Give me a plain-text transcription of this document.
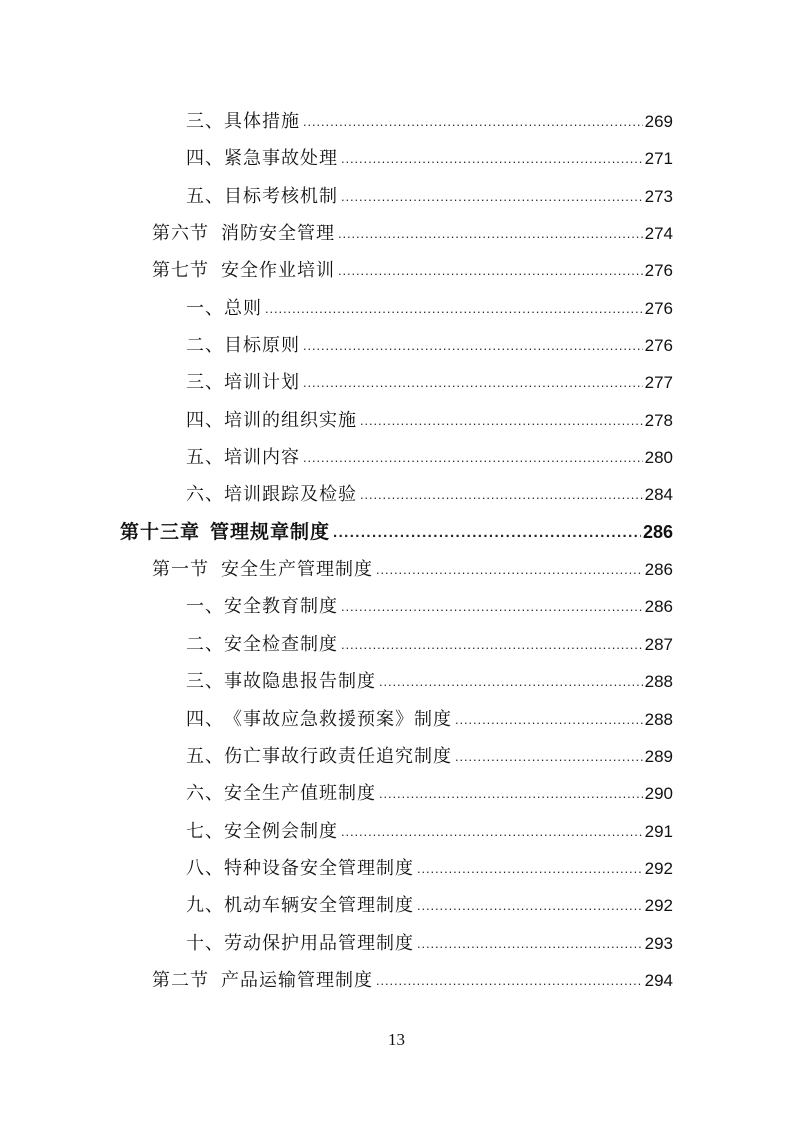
三、 具体措施 .....	269
四、 紧急事故处理 .....	271
五、 目标考核机制 .....	273
第六节 消防安全管理 .....	274
第七节 安全作业培训 .....	276
一、 总则 .....	276
二、 目标原则 .....	276
三、 培训计划 .....	277
四、 培训的组织实施 .....	278
五、 培训内容 .....	280
六、 培训跟踪及检验 .....	284
第十三章 管理规章制度 .....	286
第一节 安全生产管理制度 .....	286
一、 安全教育制度 .....	286
二、 安全检查制度 .....	287
三、 事故隐患报告制度 .....	288
四、 《事故应急救援预案》制度 .....	288
五、 伤亡事故行政责任追究制度 .....	289
六、 安全生产值班制度 .....	290
七、 安全例会制度 .....	291
八、 特种设备安全管理制度 .....	292
九、 机动车辆安全管理制度 .....	292
十、 劳动保护用品管理制度 .....	293
第二节 产品运输管理制度 .....	294
13
